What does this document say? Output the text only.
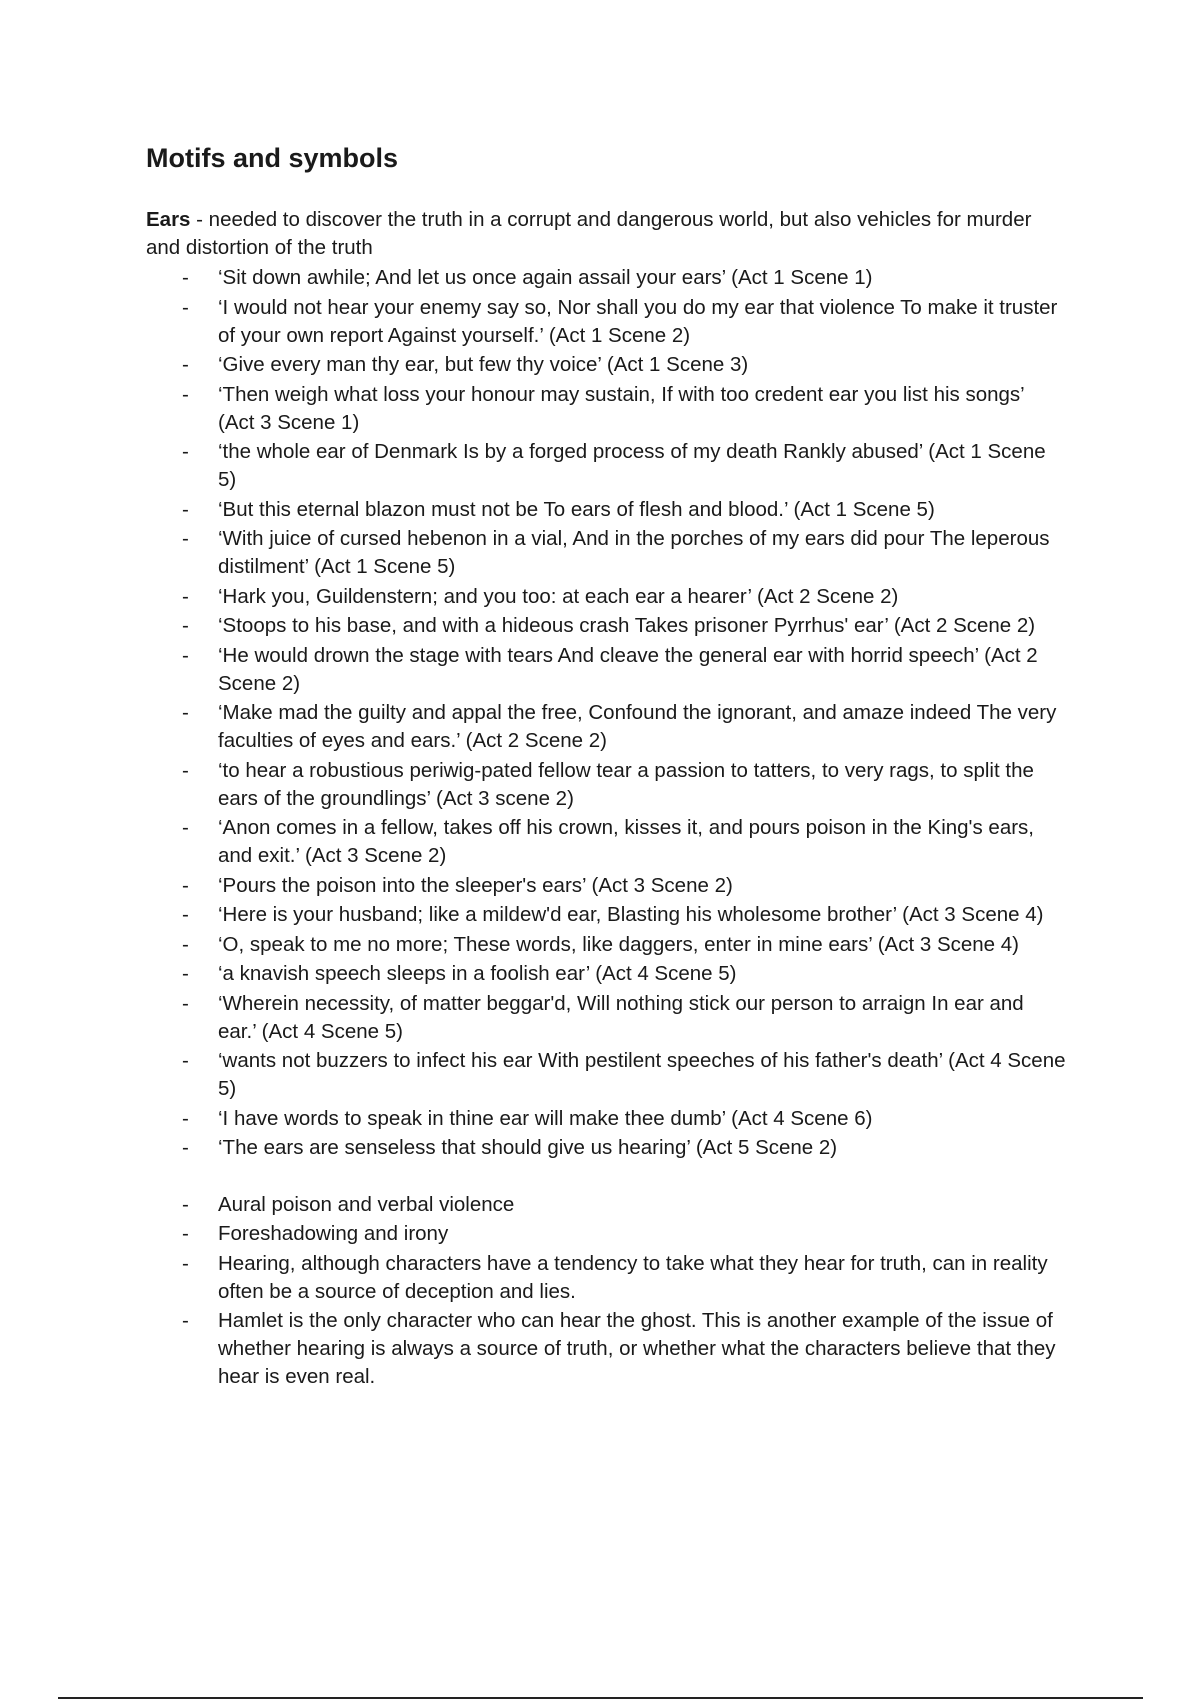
Motifs and symbols

Ears - needed to discover the truth in a corrupt and dangerous world, but also vehicles for murder and distortion of the truth

- ‘Sit down awhile; And let us once again assail your ears’ (Act 1 Scene 1)
- ‘I would not hear your enemy say so, Nor shall you do my ear that violence To make it truster of your own report Against yourself.’ (Act 1 Scene 2)
- ‘Give every man thy ear, but few thy voice’ (Act 1 Scene 3)
- ‘Then weigh what loss your honour may sustain, If with too credent ear you list his songs’ (Act 3 Scene 1)
- ‘the whole ear of Denmark Is by a forged process of my death Rankly abused’ (Act 1 Scene 5)
- ‘But this eternal blazon must not be To ears of flesh and blood.’ (Act 1 Scene 5)
- ‘With juice of cursed hebenon in a vial, And in the porches of my ears did pour The leperous distilment’ (Act 1 Scene 5)
- ‘Hark you, Guildenstern; and you too: at each ear a hearer’ (Act 2 Scene 2)
- ‘Stoops to his base, and with a hideous crash Takes prisoner Pyrrhus' ear’ (Act 2 Scene 2)
- ‘He would drown the stage with tears And cleave the general ear with horrid speech’ (Act 2 Scene 2)
- ‘Make mad the guilty and appal the free, Confound the ignorant, and amaze indeed The very faculties of eyes and ears.’ (Act 2 Scene 2)
- ‘to hear a robustious periwig-pated fellow tear a passion to tatters, to very rags, to split the ears of the groundlings’ (Act 3 scene 2)
- ‘Anon comes in a fellow, takes off his crown, kisses it, and pours poison in the King's ears, and exit.’ (Act 3 Scene 2)
- ‘Pours the poison into the sleeper's ears’ (Act 3 Scene 2)
- ‘Here is your husband; like a mildew'd ear, Blasting his wholesome brother’ (Act 3 Scene 4)
- ‘O, speak to me no more; These words, like daggers, enter in mine ears’ (Act 3 Scene 4)
- ‘a knavish speech sleeps in a foolish ear’ (Act 4 Scene 5)
- ‘Wherein necessity, of matter beggar'd, Will nothing stick our person to arraign In ear and ear.’ (Act 4 Scene 5)
- ‘wants not buzzers to infect his ear With pestilent speeches of his father's death’ (Act 4 Scene 5)
- ‘I have words to speak in thine ear will make thee dumb’ (Act 4 Scene 6)
- ‘The ears are senseless that should give us hearing’ (Act 5 Scene 2)
- Aural poison and verbal violence
- Foreshadowing and irony
- Hearing, although characters have a tendency to take what they hear for truth, can in reality often be a source of deception and lies.
- Hamlet is the only character who can hear the ghost. This is another example of the issue of whether hearing is always a source of truth, or whether what the characters believe that they hear is even real.
